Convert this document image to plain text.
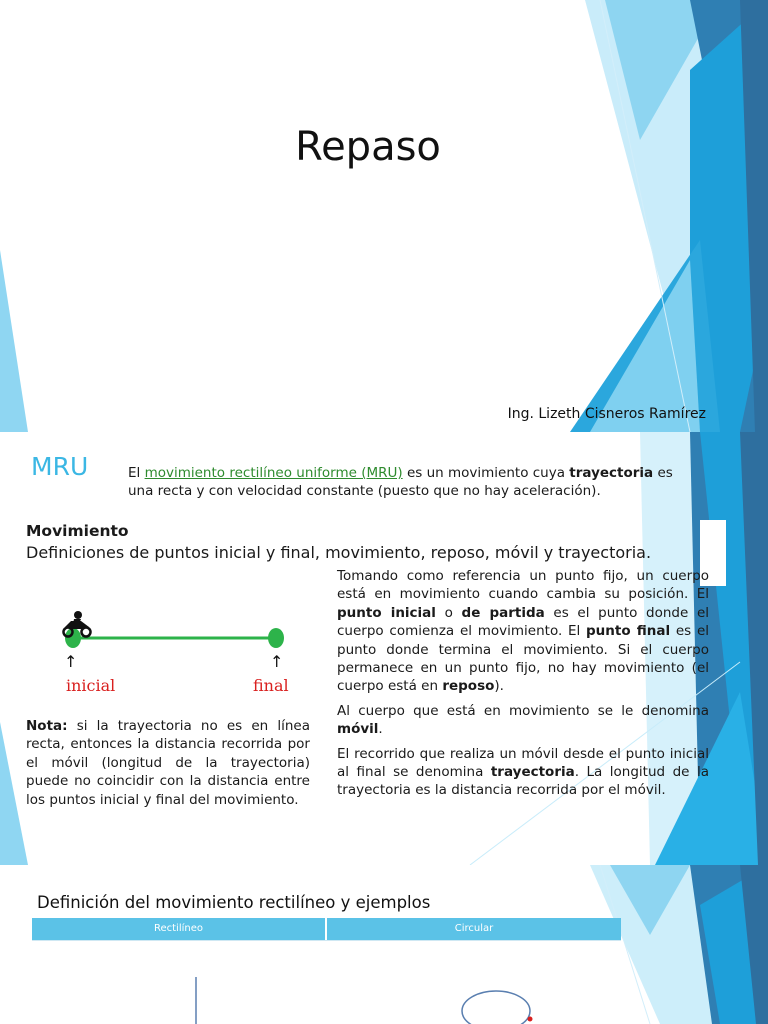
Repaso
Ing. Lizeth Cisneros Ramírez
MRU	El movimiento rectilíneo uniforme (MRU) es un movimiento cuya trayectoria es una recta y con velocidad constante (puesto que no hay aceleración).
Movimiento
Definiciones de puntos inicial y final, movimiento, reposo, móvil y trayectoria.

Tomando como referencia un punto fijo, un cuerpo está en movimiento cuando cambia su posición. El punto inicial o de partida es el punto donde el cuerpo comienza el movimiento. El punto final es el punto donde termina el movimiento. Si el cuerpo permanece en un punto fijo, no hay movimiento (el cuerpo está en reposo).

Al cuerpo que está en movimiento se le denomina móvil.

El recorrido que realiza un móvil desde el punto inicial al final se denomina trayectoria. La longitud de la trayectoria es la distancia recorrida por el móvil.

↑	↑
inicial	final
Nota: si la trayectoria no es en línea recta, entonces la distancia recorrida por el móvil (longitud de la trayectoria) puede no coincidir con la distancia entre los puntos inicial y final del movimiento.
Definición del movimiento rectilíneo y ejemplos
Rectilíneo	Circular
